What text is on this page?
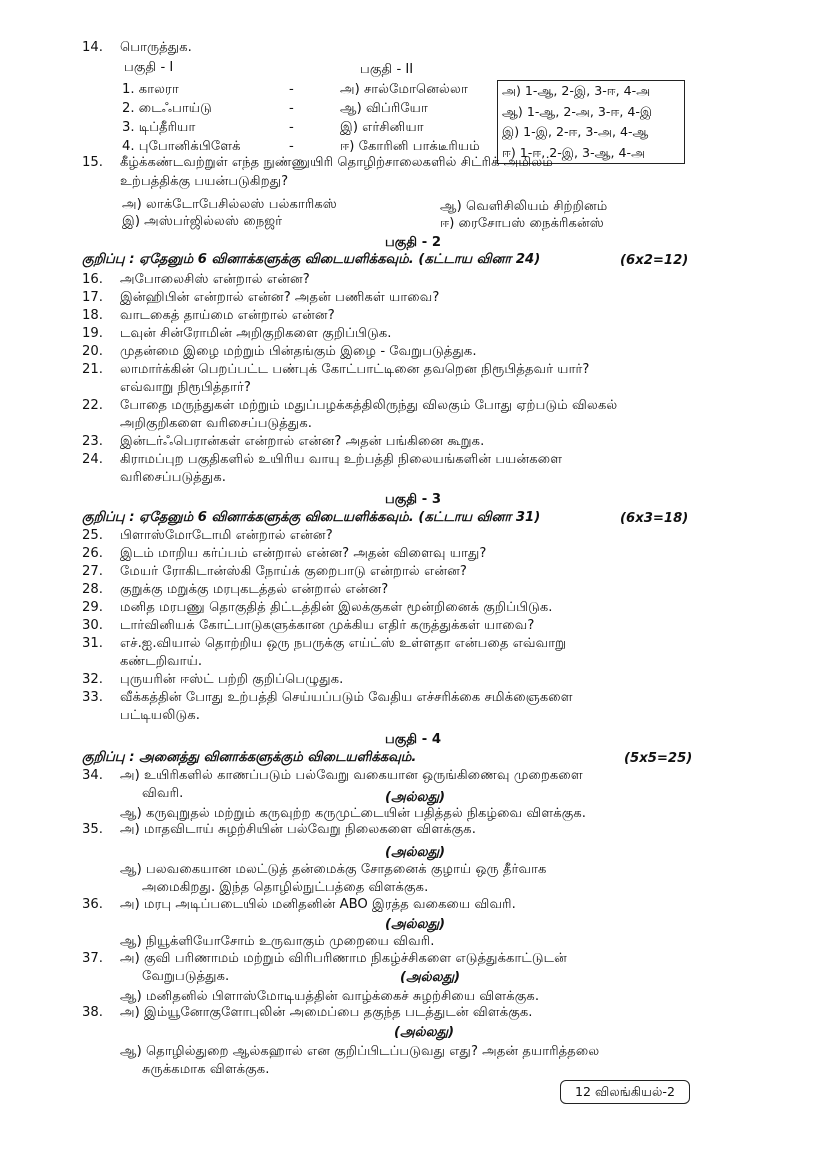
14. பொருத்துக.
பகுதி - I	பகுதி - II
1. காலரா	-	அ) சால்மோனெல்லா
2. டைஃபாய்டு	-	ஆ) விப்ரியோ
3. டிப்தீரியா	-	இ) எர்சினியா
4. புபோனிக்பிளேக்	-	ஈ) கோரினி பாக்டீரியம்
அ) 1-ஆ, 2-இ, 3-ஈ, 4-அ
ஆ) 1-ஆ, 2-அ, 3-ஈ, 4-இ
இ) 1-இ, 2-ஈ, 3-அ, 4-ஆ
ஈ) 1-ஈ, 2-இ, 3-ஆ, 4-அ
15. கீழ்க்கண்டவற்றுள் எந்த நுண்ணுயிரி தொழிற்சாலைகளில் சிட்ரிக் அமிலம்
உற்பத்திக்கு பயன்படுகிறது?
அ) லாக்டோபேசில்லஸ் பல்காரிகஸ்	ஆ) வெளிசிலியம் சிற்றினம்
இ) அஸ்பர்ஜில்லஸ் நைஜர்	ஈ) ரைசோபஸ் நைக்ரிகன்ஸ்
பகுதி - 2
குறிப்பு : ஏதேனும் 6 வினாக்களுக்கு விடையளிக்கவும். (கட்டாய வினா 24)	(6x2=12)
16. அபோலைசிஸ் என்றால் என்ன?
17. இன்ஹிபின் என்றால் என்ன? அதன் பணிகள் யாவை?
18. வாடகைத் தாய்மை என்றால் என்ன?
19. டவுன் சின்ரோமின் அறிகுறிகளை குறிப்பிடுக.
20. முதன்மை இழை மற்றும் பின்தங்கும் இழை - வேறுபடுத்துக.
21. லாமார்க்கின் பெறப்பட்ட பண்புக் கோட்பாட்டினை தவறென நிரூபித்தவர் யார்?
எவ்வாறு நிரூபித்தார்?
22. போதை மருந்துகள் மற்றும் மதுப்பழக்கத்திலிருந்து விலகும் போது ஏற்படும் விலகல்
அறிகுறிகளை வரிசைப்படுத்துக.
23. இன்டர்ஃபெரான்கள் என்றால் என்ன? அதன் பங்கினை கூறுக.
24. கிராமப்புற பகுதிகளில் உயிரிய வாயு உற்பத்தி நிலையங்களின் பயன்களை
வரிசைப்படுத்துக.
பகுதி - 3
குறிப்பு : ஏதேனும் 6 வினாக்களுக்கு விடையளிக்கவும். (கட்டாய வினா 31)	(6x3=18)
25. பிளாஸ்மோடோமி என்றால் என்ன?
26. இடம் மாறிய கர்ப்பம் என்றால் என்ன? அதன் விளைவு யாது?
27. மேயர் ரோகிடான்ஸ்கி நோய்க் குறைபாடு என்றால் என்ன?
28. குறுக்கு மறுக்கு மரபுகடத்தல் என்றால் என்ன?
29. மனித மரபணு தொகுதித் திட்டத்தின் இலக்குகள் மூன்றினைக் குறிப்பிடுக.
30. டார்வினியக் கோட்பாடுகளுக்கான முக்கிய எதிர் கருத்துக்கள் யாவை?
31. எச்.ஐ.வியால் தொற்றிய ஒரு நபருக்கு எய்ட்ஸ் உள்ளதா என்பதை எவ்வாறு
கண்டறிவாய்.
32. புருயரின் ஈஸ்ட் பற்றி குறிப்பெழுதுக.
33. வீக்கத்தின் போது உற்பத்தி செய்யப்படும் வேதிய எச்சரிக்கை சமிக்ஞைகளை
பட்டியலிடுக.
பகுதி - 4
குறிப்பு : அனைத்து வினாக்களுக்கும் விடையளிக்கவும்.	(5x5=25)
34. அ) உயிரிகளில் காணப்படும் பல்வேறு வகையான ஒருங்கிணைவு முறைகளை
விவரி.	(அல்லது)
ஆ) கருவுறுதல் மற்றும் கருவுற்ற கருமுட்டையின் பதித்தல் நிகழ்வை விளக்குக.
35. அ) மாதவிடாய் சுழற்சியின் பல்வேறு நிலைகளை விளக்குக.
(அல்லது)
ஆ) பலவகையான மலட்டுத் தன்மைக்கு சோதனைக் குழாய் ஒரு தீர்வாக
அமைகிறது. இந்த தொழில்நுட்பத்தை விளக்குக.
36. அ) மரபு அடிப்படையில் மனிதனின் ABO இரத்த வகையை விவரி.
(அல்லது)
ஆ) நியூக்ளியோசோம் உருவாகும் முறையை விவரி.
37. அ) குவி பரிணாமம் மற்றும் விரிபரிணாம நிகழ்ச்சிகளை எடுத்துக்காட்டுடன்
வேறுபடுத்துக.	(அல்லது)
ஆ) மனிதனில் பிளாஸ்மோடியத்தின் வாழ்க்கைச் சுழற்சியை விளக்குக.
38. அ) இம்யூனோகுளோபுலின் அமைப்பை தகுந்த படத்துடன் விளக்குக.
(அல்லது)
ஆ) தொழில்துறை ஆல்கஹால் என குறிப்பிடப்படுவது எது? அதன் தயாரித்தலை
சுருக்கமாக விளக்குக.
12 விலங்கியல்-2
